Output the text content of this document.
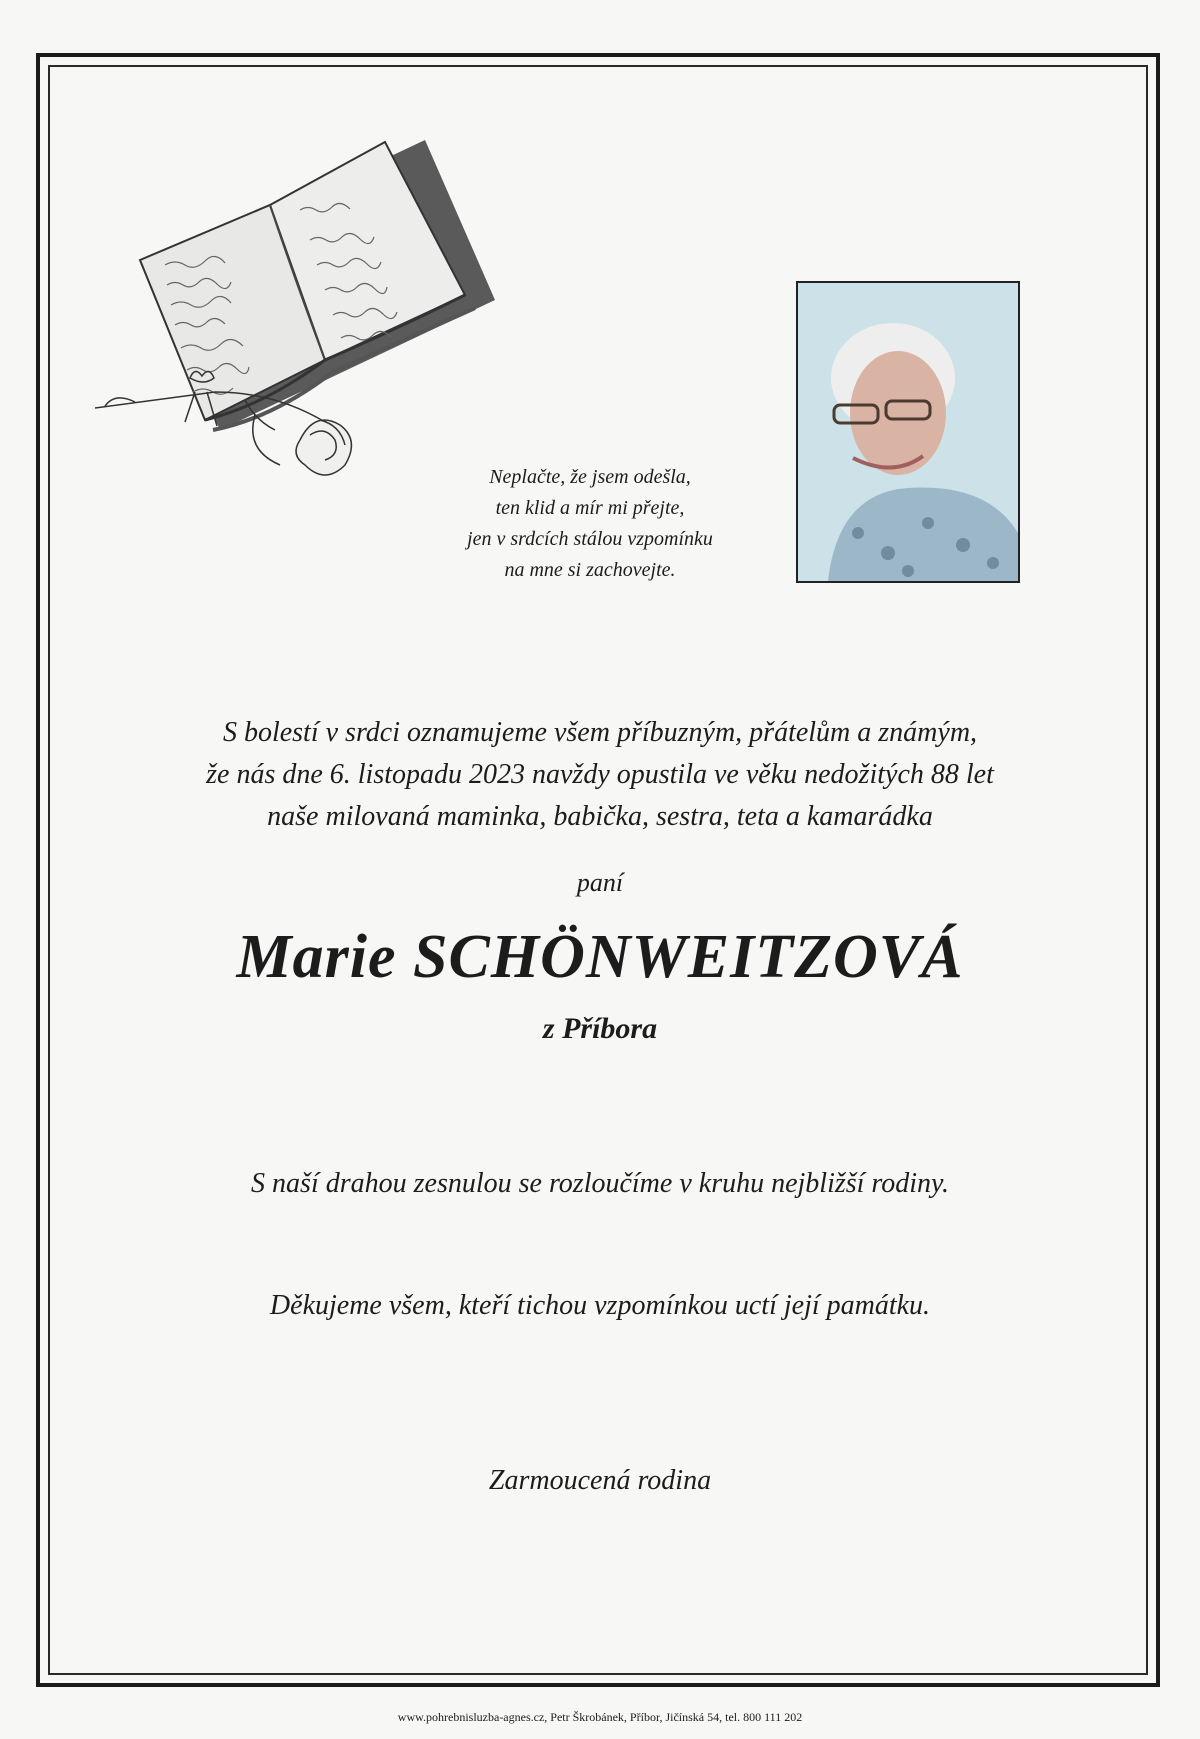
Neplačte, že jsem odešla,
ten klid a mír mi přejte,
jen v srdcích stálou vzpomínku
na mne si zachovejte.
S bolestí v srdci oznamujeme všem příbuzným, přátelům a známým,
že nás dne 6. listopadu 2023 navždy opustila ve věku nedožitých 88 let
naše milovaná maminka, babička, sestra, teta a kamarádka
paní
Marie SCHÖNWEITZOVÁ
z Příbora
S naší drahou zesnulou se rozloučíme v kruhu nejbližší rodiny.
Děkujeme všem, kteří tichou vzpomínkou uctí její památku.
Zarmoucená rodina
www.pohrebnisluzba-agnes.cz, Petr Škrobánek, Příbor, Jičínská 54, tel. 800 111 202
